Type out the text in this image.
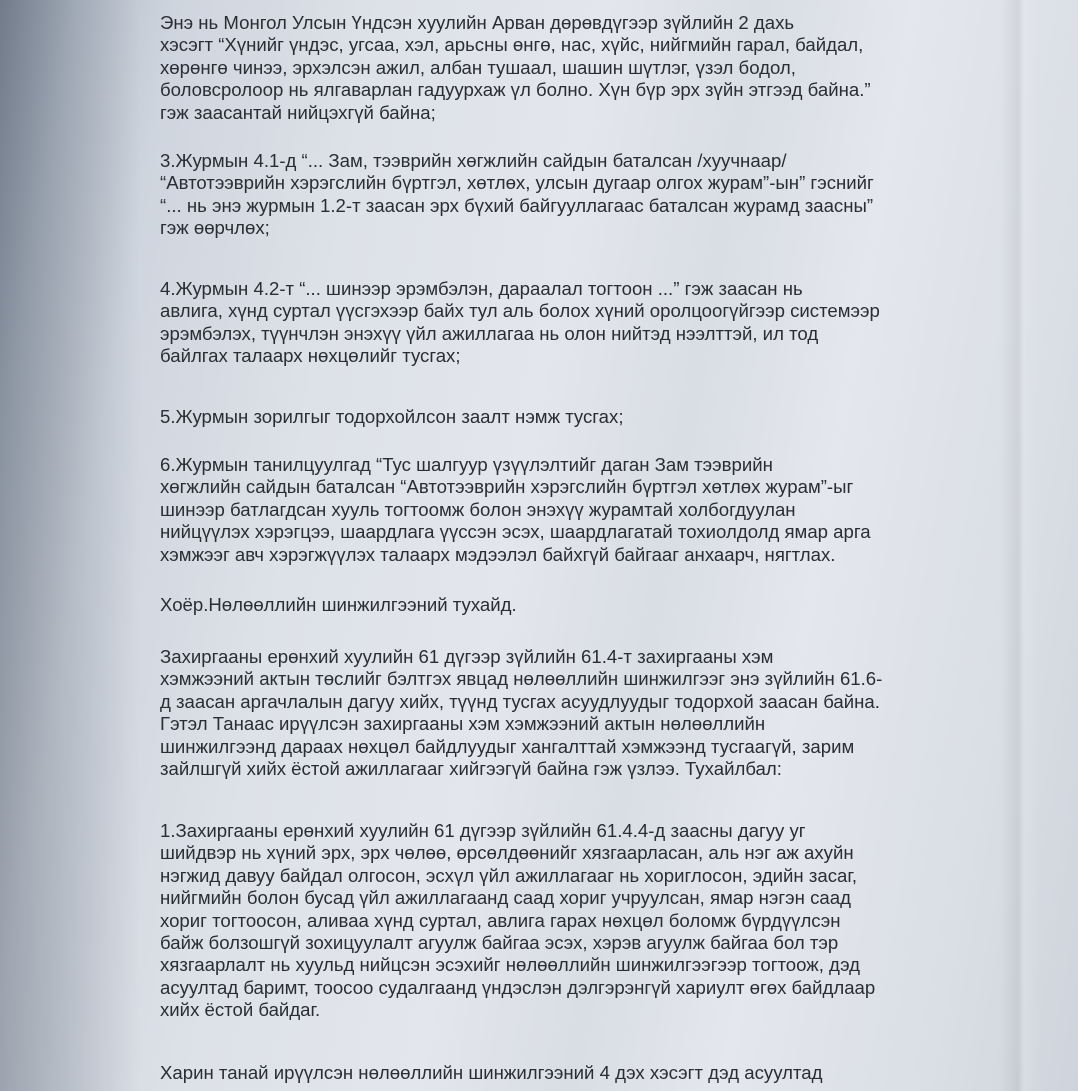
Энэ нь Монгол Улсын Үндсэн хуулийн Арван дөрөвдүгээр зүйлийн 2 дахь
хэсэгт “Хүнийг үндэс, угсаа, хэл, арьсны өнгө, нас, хүйс, нийгмийн гарал, байдал,
хөрөнгө чинээ, эрхэлсэн ажил, албан тушаал, шашин шүтлэг, үзэл бодол,
боловсролоор нь ялгаварлан гадуурхаж үл болно. Хүн бүр эрх зүйн этгээд байна.”
гэж заасантай нийцэхгүй байна;

3.Журмын 4.1-д “... Зам, тээврийн хөгжлийн сайдын баталсан /хуучнаар/
“Автотээврийн хэрэгслийн бүртгэл, хөтлөх, улсын дугаар олгох журам”-ын” гэснийг
“... нь энэ журмын 1.2-т заасан эрх бүхий байгууллагаас баталсан журамд заасны”
гэж өөрчлөх;

4.Журмын 4.2-т “... шинээр эрэмбэлэн, дараалал тогтоон ...” гэж заасан нь
авлига, хүнд суртал үүсгэхээр байх тул аль болох хүний оролцоогүйгээр системээр
эрэмбэлэх, түүнчлэн энэхүү үйл ажиллагаа нь олон нийтэд нээлттэй, ил тод
байлгах талаарх нөхцөлийг тусгах;

5.Журмын зорилгыг тодорхойлсон заалт нэмж тусгах;

6.Журмын танилцуулгад “Тус шалгуур үзүүлэлтийг даган Зам тээврийн
хөгжлийн сайдын баталсан “Автотээврийн хэрэгслийн бүртгэл хөтлөх журам”-ыг
шинээр батлагдсан хууль тогтоомж болон энэхүү журамтай холбогдуулан
нийцүүлэх хэрэгцээ, шаардлага үүссэн эсэх, шаардлагатай тохиолдолд ямар арга
хэмжээг авч хэрэгжүүлэх талаарх мэдээлэл байхгүй байгааг анхаарч, нягтлах.

Хоёр.Нөлөөллийн шинжилгээний тухайд.

Захиргааны ерөнхий хуулийн 61 дүгээр зүйлийн 61.4-т захиргааны хэм
хэмжээний актын төслийг бэлтгэх явцад нөлөөллийн шинжилгээг энэ зүйлийн 61.6-
д заасан аргачлалын дагуу хийх, түүнд тусгах асуудлуудыг тодорхой заасан байна.
Гэтэл Танаас ирүүлсэн захиргааны хэм хэмжээний актын нөлөөллийн
шинжилгээнд дараах нөхцөл байдлуудыг хангалттай хэмжээнд тусгаагүй, зарим
зайлшгүй хийх ёстой ажиллагааг хийгээгүй байна гэж үзлээ. Тухайлбал:

1.Захиргааны ерөнхий хуулийн 61 дүгээр зүйлийн 61.4.4-д заасны дагуу уг
шийдвэр нь хүний эрх, эрх чөлөө, өрсөлдөөнийг хязгаарласан, аль нэг аж ахуйн
нэгжид давуу байдал олгосон, эсхүл үйл ажиллагааг нь хориглосон, эдийн засаг,
нийгмийн болон бусад үйл ажиллагаанд саад хориг учруулсан, ямар нэгэн саад
хориг тогтоосон, аливаа хүнд суртал, авлига гарах нөхцөл боломж бүрдүүлсэн
байж болзошгүй зохицуулалт агуулж байгаа эсэх, хэрэв агуулж байгаа бол тэр
хязгаарлалт нь хуульд нийцсэн эсэхийг нөлөөллийн шинжилгээгээр тогтоож, дэд
асуултад баримт, тоосоо судалгаанд үндэслэн дэлгэрэнгүй хариулт өгөх байдлаар
хийх ёстой байдаг.

Харин танай ирүүлсэн нөлөөллийн шинжилгээний 4 дэх хэсэгт дэд асуултад
